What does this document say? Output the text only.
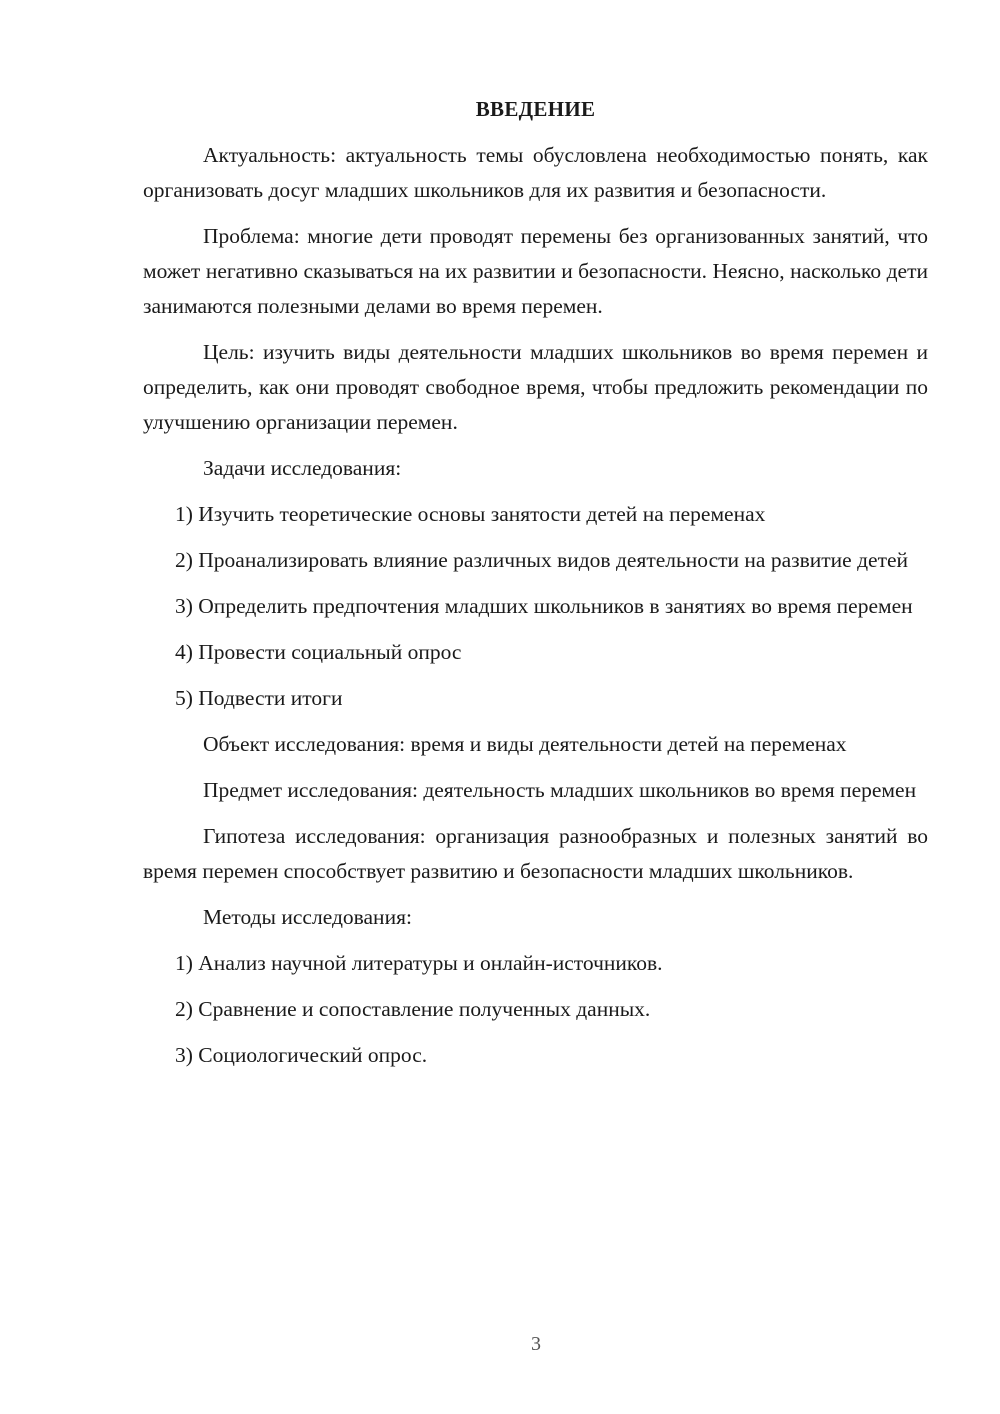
ВВЕДЕНИЕ

Актуальность: актуальность темы обусловлена необходимостью понять, как организовать досуг младших школьников для их развития и безопасности.

Проблема: многие дети проводят перемены без организованных занятий, что может негативно сказываться на их развитии и безопасности. Неясно, насколько дети занимаются полезными делами во время перемен.

Цель: изучить виды деятельности младших школьников во время перемен и определить, как они проводят свободное время, чтобы предложить рекомендации по улучшению организации перемен.

Задачи исследования:

1) Изучить теоретические основы занятости детей на переменах

2) Проанализировать влияние различных видов деятельности на развитие детей

3) Определить предпочтения младших школьников в занятиях во время перемен

4) Провести социальный опрос

5) Подвести итоги

Объект исследования: время и виды деятельности детей на переменах

Предмет исследования: деятельность младших школьников во время перемен

Гипотеза исследования: организация разнообразных и полезных занятий во время перемен способствует развитию и безопасности младших школьников.

Методы исследования:

1) Анализ научной литературы и онлайн-источников.

2) Сравнение и сопоставление полученных данных.

3) Социологический опрос.

3
